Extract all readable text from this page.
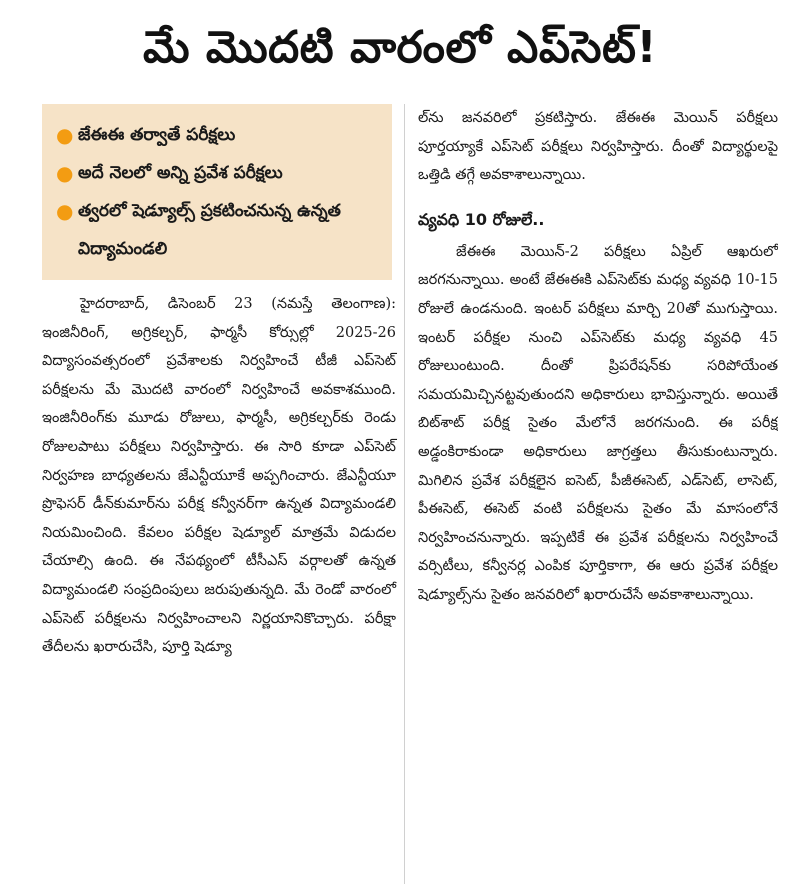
మే మొదటి వారంలో ఎప్‌సెట్‌!
● జేఈఈ తర్వాతే పరీక్షలు
● అదే నెలలో అన్ని ప్రవేశ పరీక్షలు
● త్వరలో షెడ్యూల్స్‌ ప్రకటించనున్న ఉన్నత విద్యామండలి

హైదరాబాద్‌, డిసెంబర్‌ 23 (నమస్తే తెలంగాణ): ఇంజినీరింగ్‌, అగ్రికల్చర్‌, ఫార్మసీ కోర్సుల్లో 2025-26 విద్యాసంవత్సరంలో ప్రవేశాలకు నిర్వహించే టీజీ ఎప్‌సెట్‌ పరీక్షలను మే మొదటి వారంలో నిర్వహించే అవకాశముంది. ఇంజినీరింగ్‌కు మూడు రోజులు, ఫార్మసీ, అగ్రికల్చర్‌కు రెండు రోజులపాటు పరీక్షలు నిర్వహిస్తారు. ఈ సారి కూడా ఎప్‌సెట్‌ నిర్వహణ బాధ్యతలను జేఎన్టీయూకే అప్పగించారు. జేఎన్టీయూ ప్రొఫెసర్‌ డీన్‌కుమార్‌ను పరీక్ష కన్వీనర్‌గా ఉన్నత విద్యామండలి నియమించింది. కేవలం పరీక్షల షెడ్యూల్‌ మాత్రమే విడుదల చేయాల్సి ఉంది. ఈ నేపథ్యంలో టీసీఎస్‌ వర్గాలతో ఉన్నత విద్యామండలి సంప్రదింపులు జరుపుతున్నది. మే రెండో వారంలో ఎప్‌సెట్‌ పరీక్షలను నిర్వహించాలని నిర్ణయానికొచ్చారు. పరీక్షా తేదీలను ఖరారుచేసి, పూర్తి షెడ్యూ

ల్‌ను జనవరిలో ప్రకటిస్తారు. జేఈఈ మెయిన్‌ పరీక్షలు పూర్తయ్యాకే ఎప్‌సెట్‌ పరీక్షలు నిర్వహిస్తారు. దీంతో విద్యార్థులపై ఒత్తిడి తగ్గే అవకాశాలున్నాయి.

వ్యవధి 10 రోజులే..

జేఈఈ మెయిన్‌-2 పరీక్షలు ఏప్రిల్‌ ఆఖరులో జరగనున్నాయి. అంటే జేఈఈకి ఎప్‌సెట్‌కు మధ్య వ్యవధి 10-15 రోజులే ఉండనుంది. ఇంటర్‌ పరీక్షలు మార్చి 20తో ముగుస్తాయి. ఇంటర్‌ పరీక్షల నుంచి ఎప్‌సెట్‌కు మధ్య వ్యవధి 45 రోజులుంటుంది. దీంతో ప్రిపరేషన్‌కు సరిపోయేంత సమయమిచ్చినట్టవుతుందని అధికారులు భావిస్తున్నారు. అయితే బిట్‌శాట్‌ పరీక్ష సైతం మేలోనే జరగనుంది. ఈ పరీక్ష అడ్డంకిరాకుండా అధికారులు జాగ్రత్తలు తీసుకుంటున్నారు. మిగిలిన ప్రవేశ పరీక్షలైన ఐసెట్‌, పీజీఈసెట్‌, ఎడ్‌సెట్‌, లాసెట్‌, పీఈసెట్‌, ఈసెట్‌ వంటి పరీక్షలను సైతం మే మాసంలోనే నిర్వహించనున్నారు. ఇప్పటికే ఈ ప్రవేశ పరీక్షలను నిర్వహించే వర్సిటీలు, కన్వీనర్ల ఎంపిక పూర్తికాగా, ఈ ఆరు ప్రవేశ పరీక్షల షెడ్యూల్స్‌ను సైతం జనవరిలో ఖరారుచేసే అవకాశాలున్నాయి.
